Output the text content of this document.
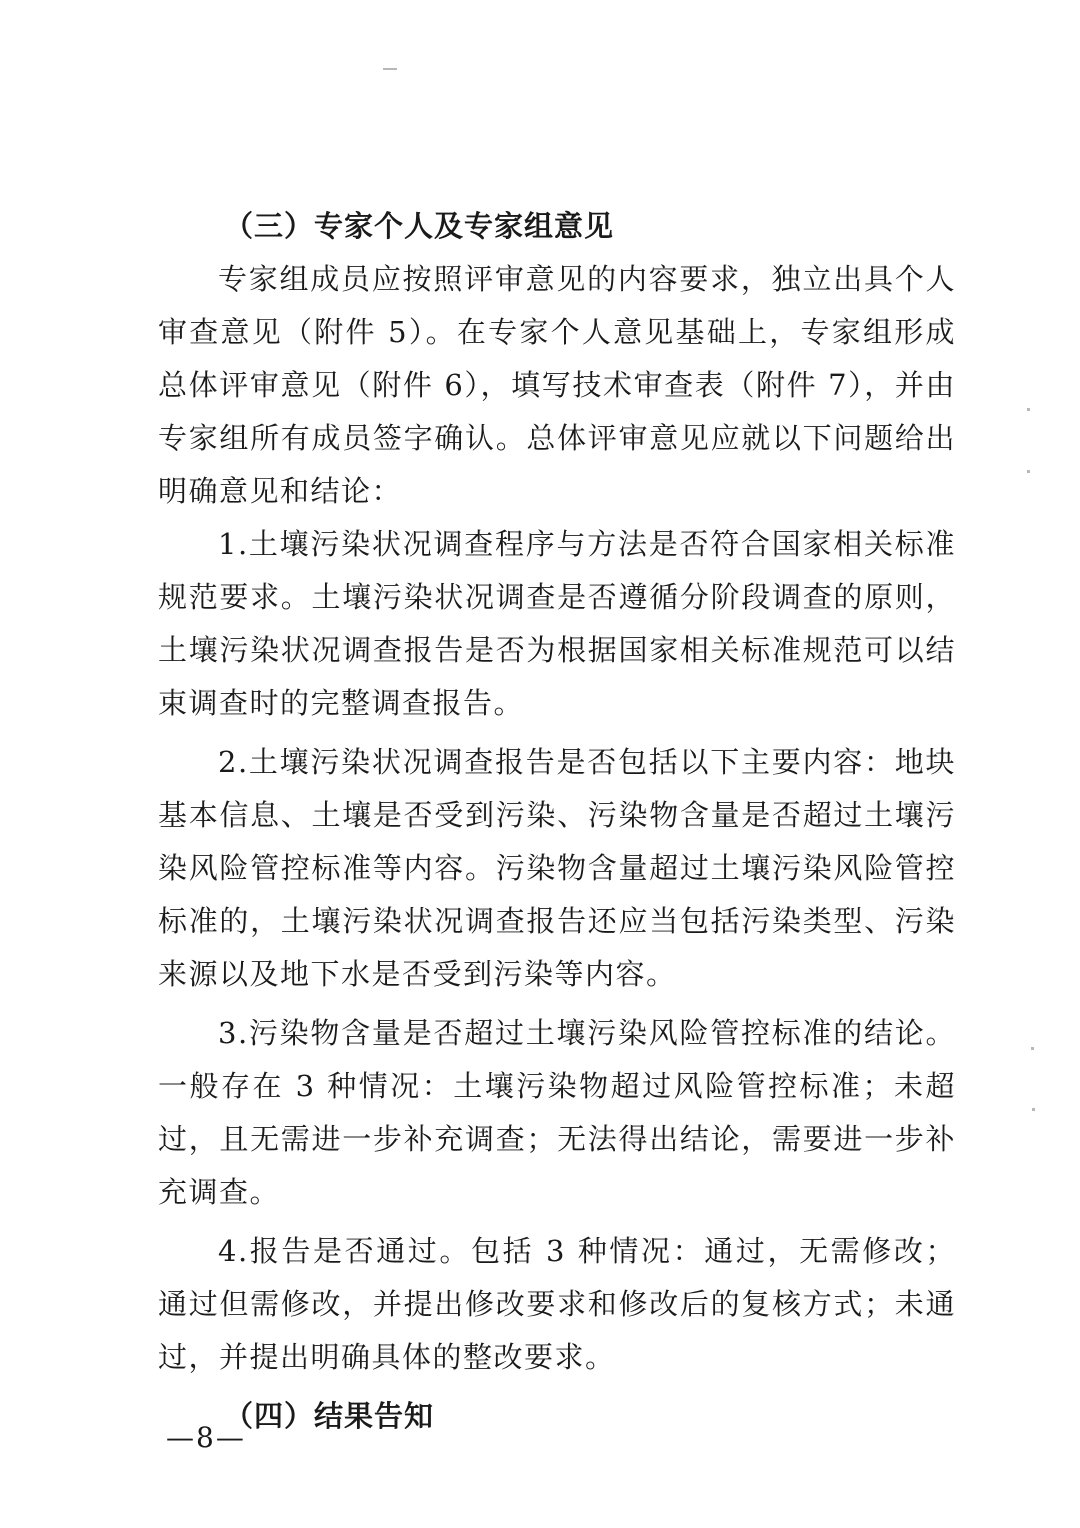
（三）专家个人及专家组意见

专家组成员应按照评审意见的内容要求，独立出具个人审查意见（附件 5）。在专家个人意见基础上，专家组形成总体评审意见（附件 6），填写技术审查表（附件 7），并由专家组所有成员签字确认。总体评审意见应就以下问题给出明确意见和结论：

1.土壤污染状况调查程序与方法是否符合国家相关标准规范要求。土壤污染状况调查是否遵循分阶段调查的原则，土壤污染状况调查报告是否为根据国家相关标准规范可以结束调查时的完整调查报告。

2.土壤污染状况调查报告是否包括以下主要内容：地块基本信息、土壤是否受到污染、污染物含量是否超过土壤污染风险管控标准等内容。污染物含量超过土壤污染风险管控标准的，土壤污染状况调查报告还应当包括污染类型、污染来源以及地下水是否受到污染等内容。

3.污染物含量是否超过土壤污染风险管控标准的结论。一般存在 3 种情况：土壤污染物超过风险管控标准；未超过，且无需进一步补充调查；无法得出结论，需要进一步补充调查。

4.报告是否通过。包括 3 种情况：通过，无需修改；通过但需修改，并提出修改要求和修改后的复核方式；未通过，并提出明确具体的整改要求。

（四）结果告知
—8—
